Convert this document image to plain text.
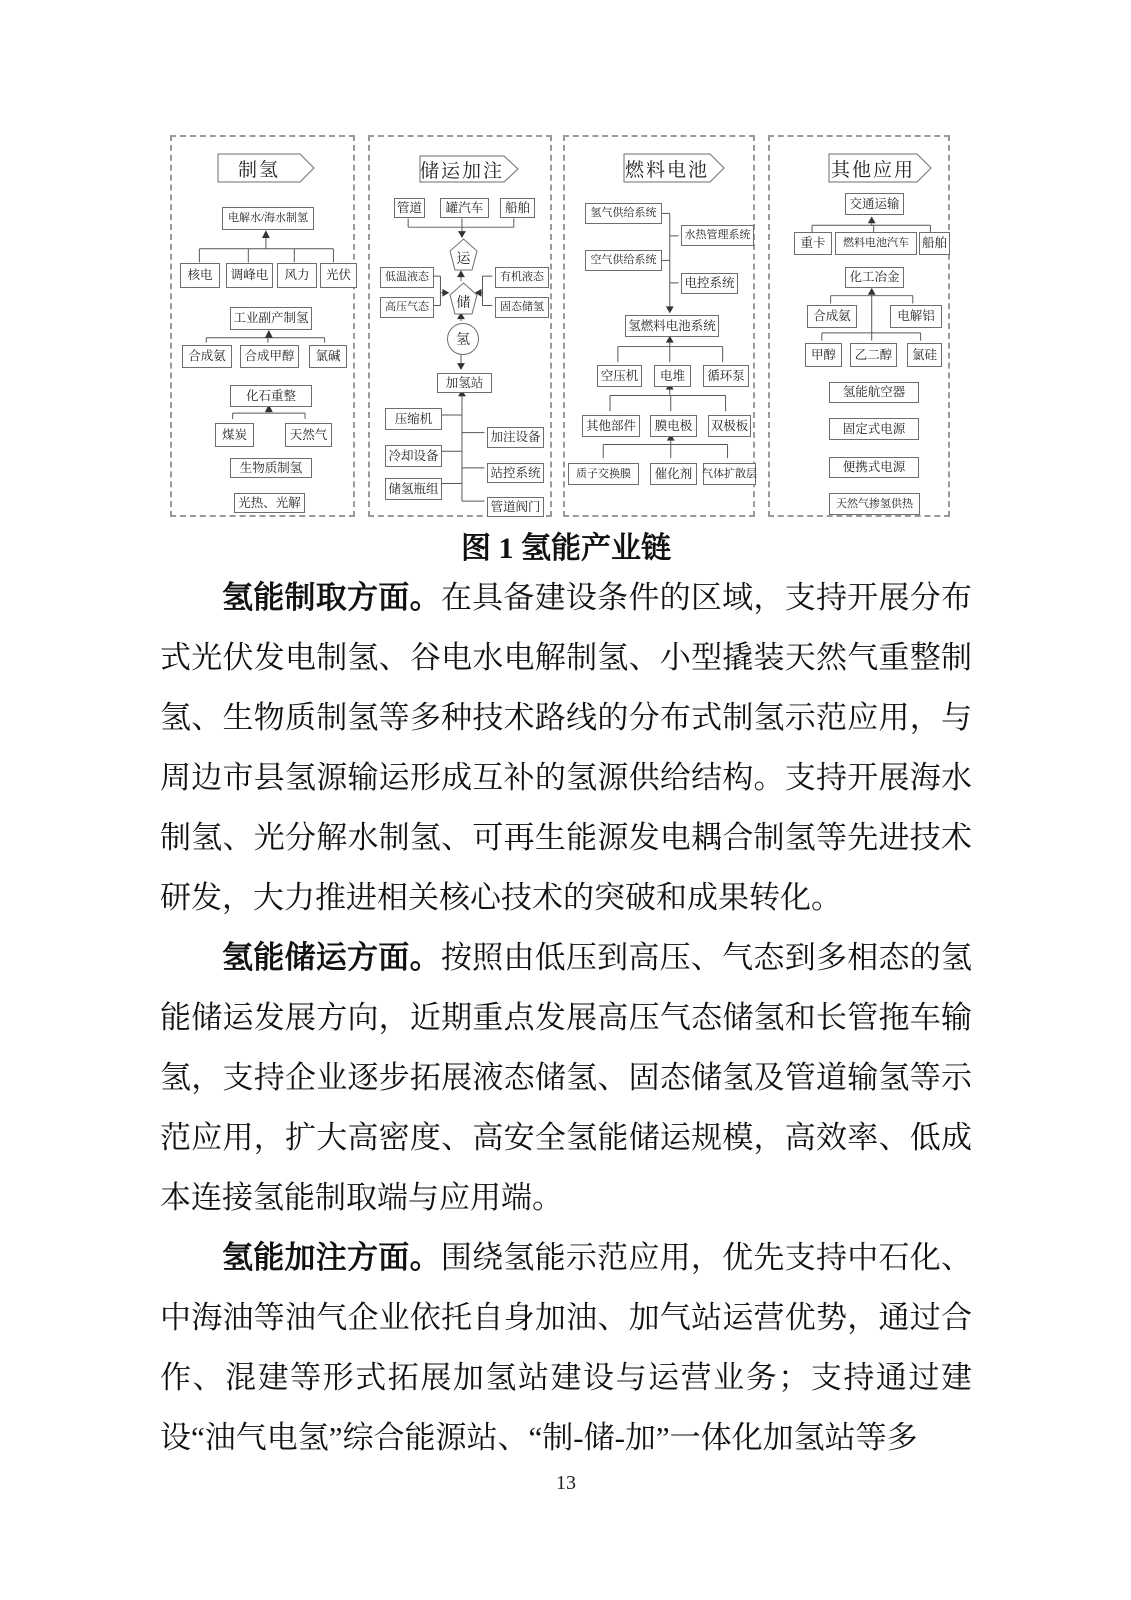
制氢
电解水/海水制氢
核电	调峰电	风力	光伏
工业副产制氢
合成氨	合成甲醇	氯碱
化石重整
煤炭	天然气
生物质制氢
光热、光解
储运加注
管道	罐汽车	船舶
运
低温液态
高压气态
有机液态
固态储氢
储
氢
加氢站
压缩机
冷却设备
储氢瓶组
加注设备
站控系统
管道阀门
燃料电池
氢气供给系统
水热管理系统
空气供给系统
电控系统
氢燃料电池系统
空压机	电堆	循环泵
其他部件	膜电极	双极板
质子交换膜	催化剂 气体扩散层
其他应用
交通运输
重卡	燃料电池汽车	船舶
化工冶金
合成氨	电解铝
甲醇	乙二醇	氯硅
氢能航空器
固定式电源
便携式电源
天然气掺氢供热
图 1 氢能产业链

氢能制取方面。在具备建设条件的区域，支持开展分布式光伏发电制氢、谷电水电解制氢、小型撬装天然气重整制氢、生物质制氢等多种技术路线的分布式制氢示范应用，与周边市县氢源输运形成互补的氢源供给结构。支持开展海水制氢、光分解水制氢、可再生能源发电耦合制氢等先进技术研发，大力推进相关核心技术的突破和成果转化。

氢能储运方面。按照由低压到高压、气态到多相态的氢能储运发展方向，近期重点发展高压气态储氢和长管拖车输氢，支持企业逐步拓展液态储氢、固态储氢及管道输氢等示范应用，扩大高密度、高安全氢能储运规模，高效率、低成本连接氢能制取端与应用端。

氢能加注方面。围绕氢能示范应用，优先支持中石化、中海油等油气企业依托自身加油、加气站运营优势，通过合作、混建等形式拓展加氢站建设与运营业务；支持通过建设“油气电氢”综合能源站、“制-储-加”一体化加氢站等多

13
